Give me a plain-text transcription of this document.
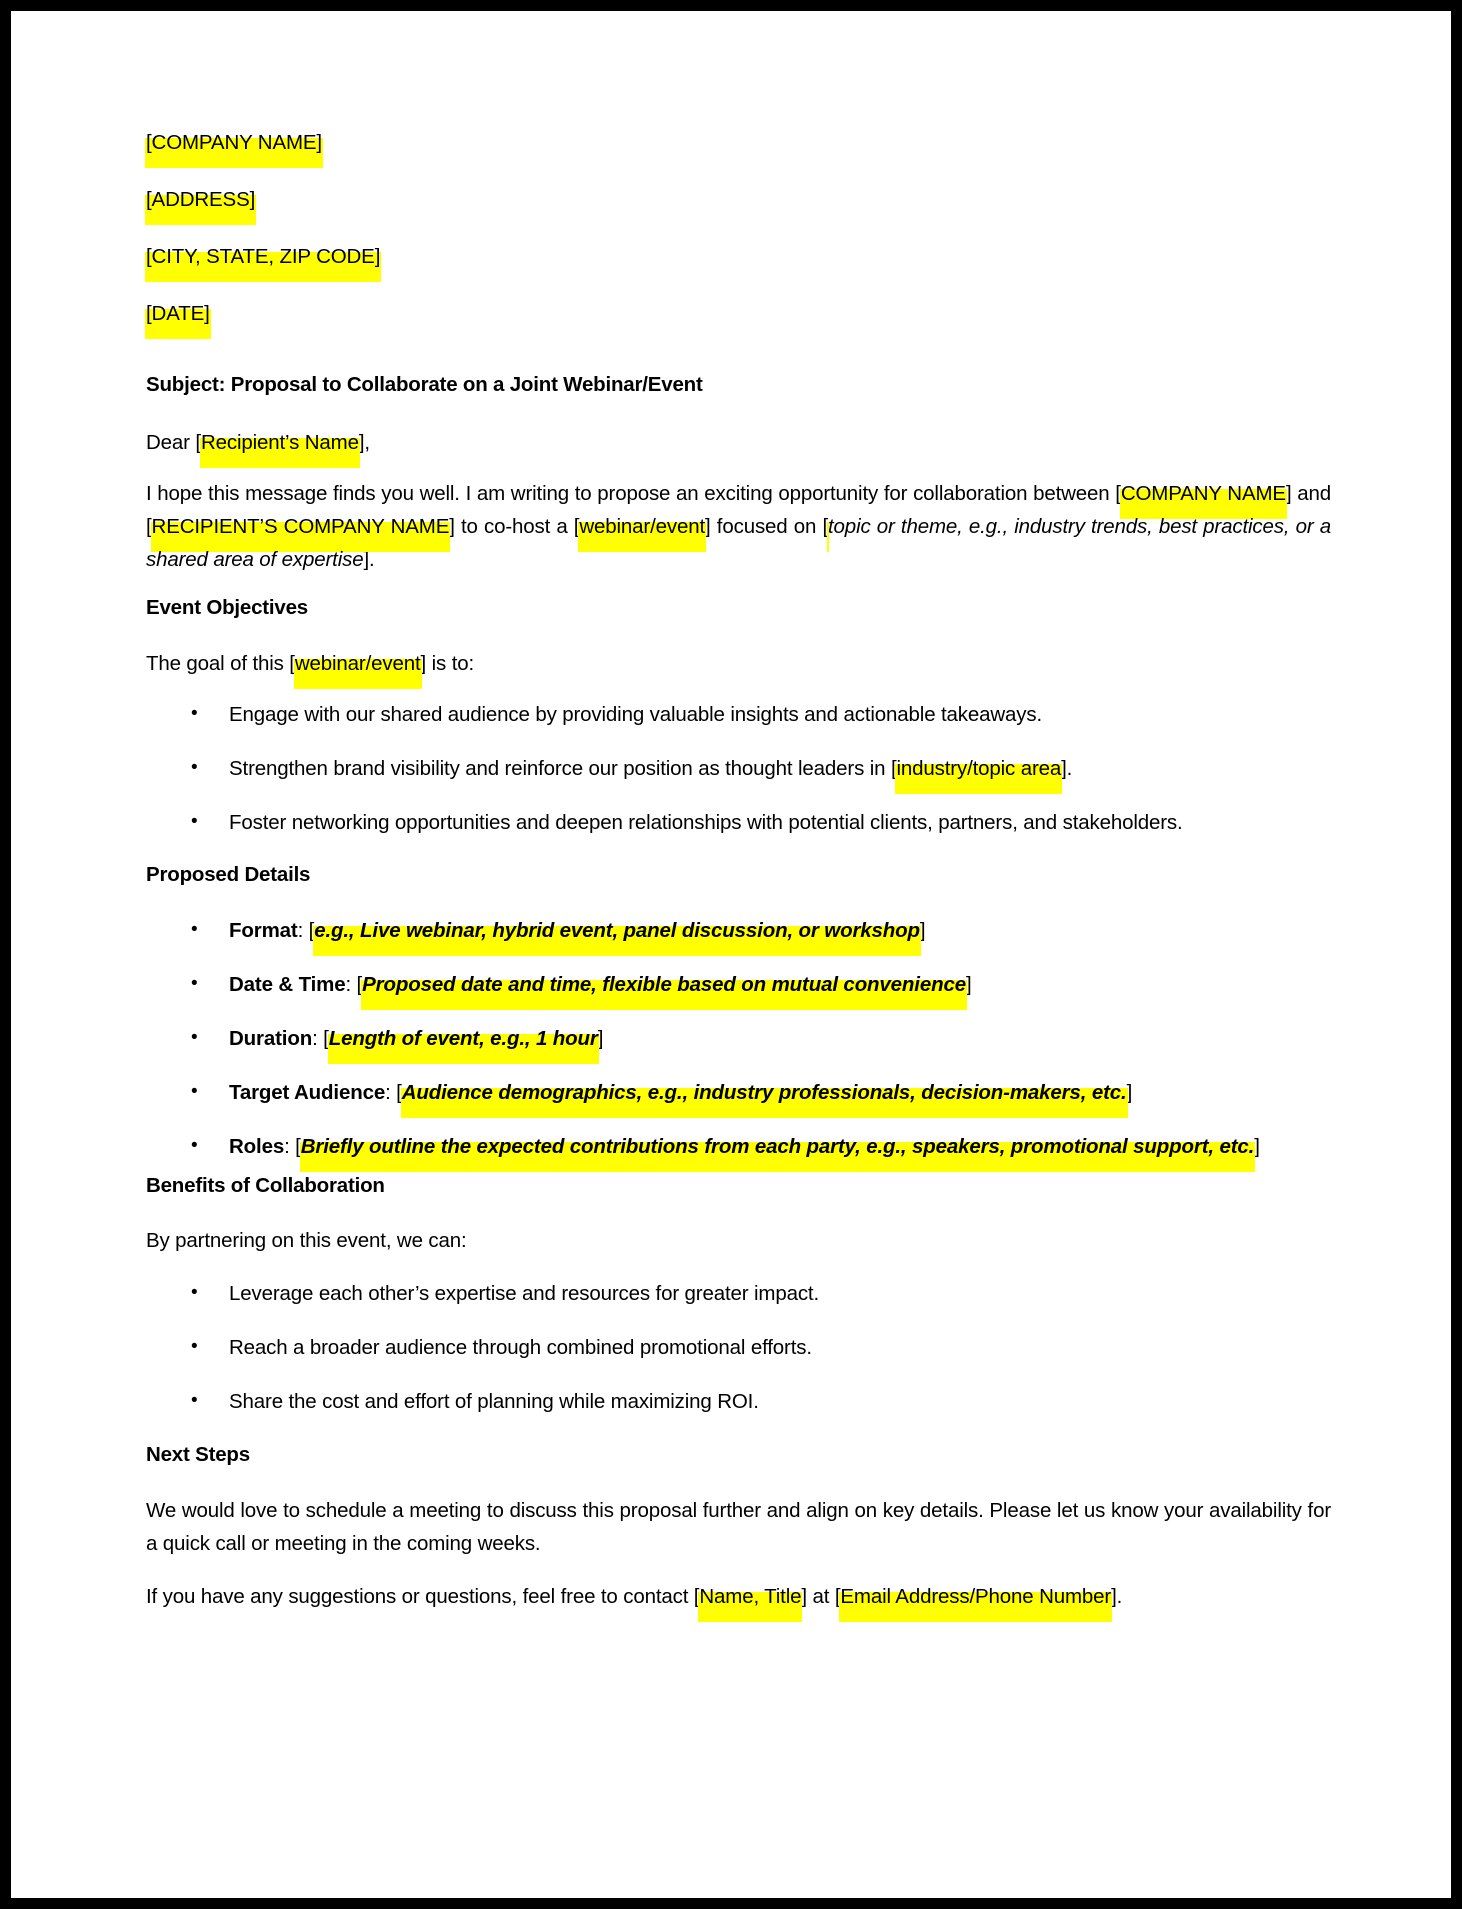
[COMPANY NAME]
[ADDRESS]
[CITY, STATE, ZIP CODE]
[DATE]
Subject: Proposal to Collaborate on a Joint Webinar/Event
Dear [Recipient’s Name],
I hope this message finds you well. I am writing to propose an exciting opportunity for collaboration between [COMPANY NAME] and [RECIPIENT’S COMPANY NAME] to co-host a [webinar/event] focused on [topic or theme, e.g., industry trends, best practices, or a shared area of expertise].
Event Objectives
The goal of this [webinar/event] is to:
• Engage with our shared audience by providing valuable insights and actionable takeaways.
• Strengthen brand visibility and reinforce our position as thought leaders in [industry/topic area].
• Foster networking opportunities and deepen relationships with potential clients, partners, and stakeholders.
Proposed Details
• Format: [e.g., Live webinar, hybrid event, panel discussion, or workshop]
• Date & Time: [Proposed date and time, flexible based on mutual convenience]
• Duration: [Length of event, e.g., 1 hour]
• Target Audience: [Audience demographics, e.g., industry professionals, decision-makers, etc.]
• Roles: [Briefly outline the expected contributions from each party, e.g., speakers, promotional support, etc.]
Benefits of Collaboration
By partnering on this event, we can:
• Leverage each other’s expertise and resources for greater impact.
• Reach a broader audience through combined promotional efforts.
• Share the cost and effort of planning while maximizing ROI.
Next Steps
We would love to schedule a meeting to discuss this proposal further and align on key details. Please let us know your availability for a quick call or meeting in the coming weeks.
If you have any suggestions or questions, feel free to contact [Name, Title] at [Email Address/Phone Number].
